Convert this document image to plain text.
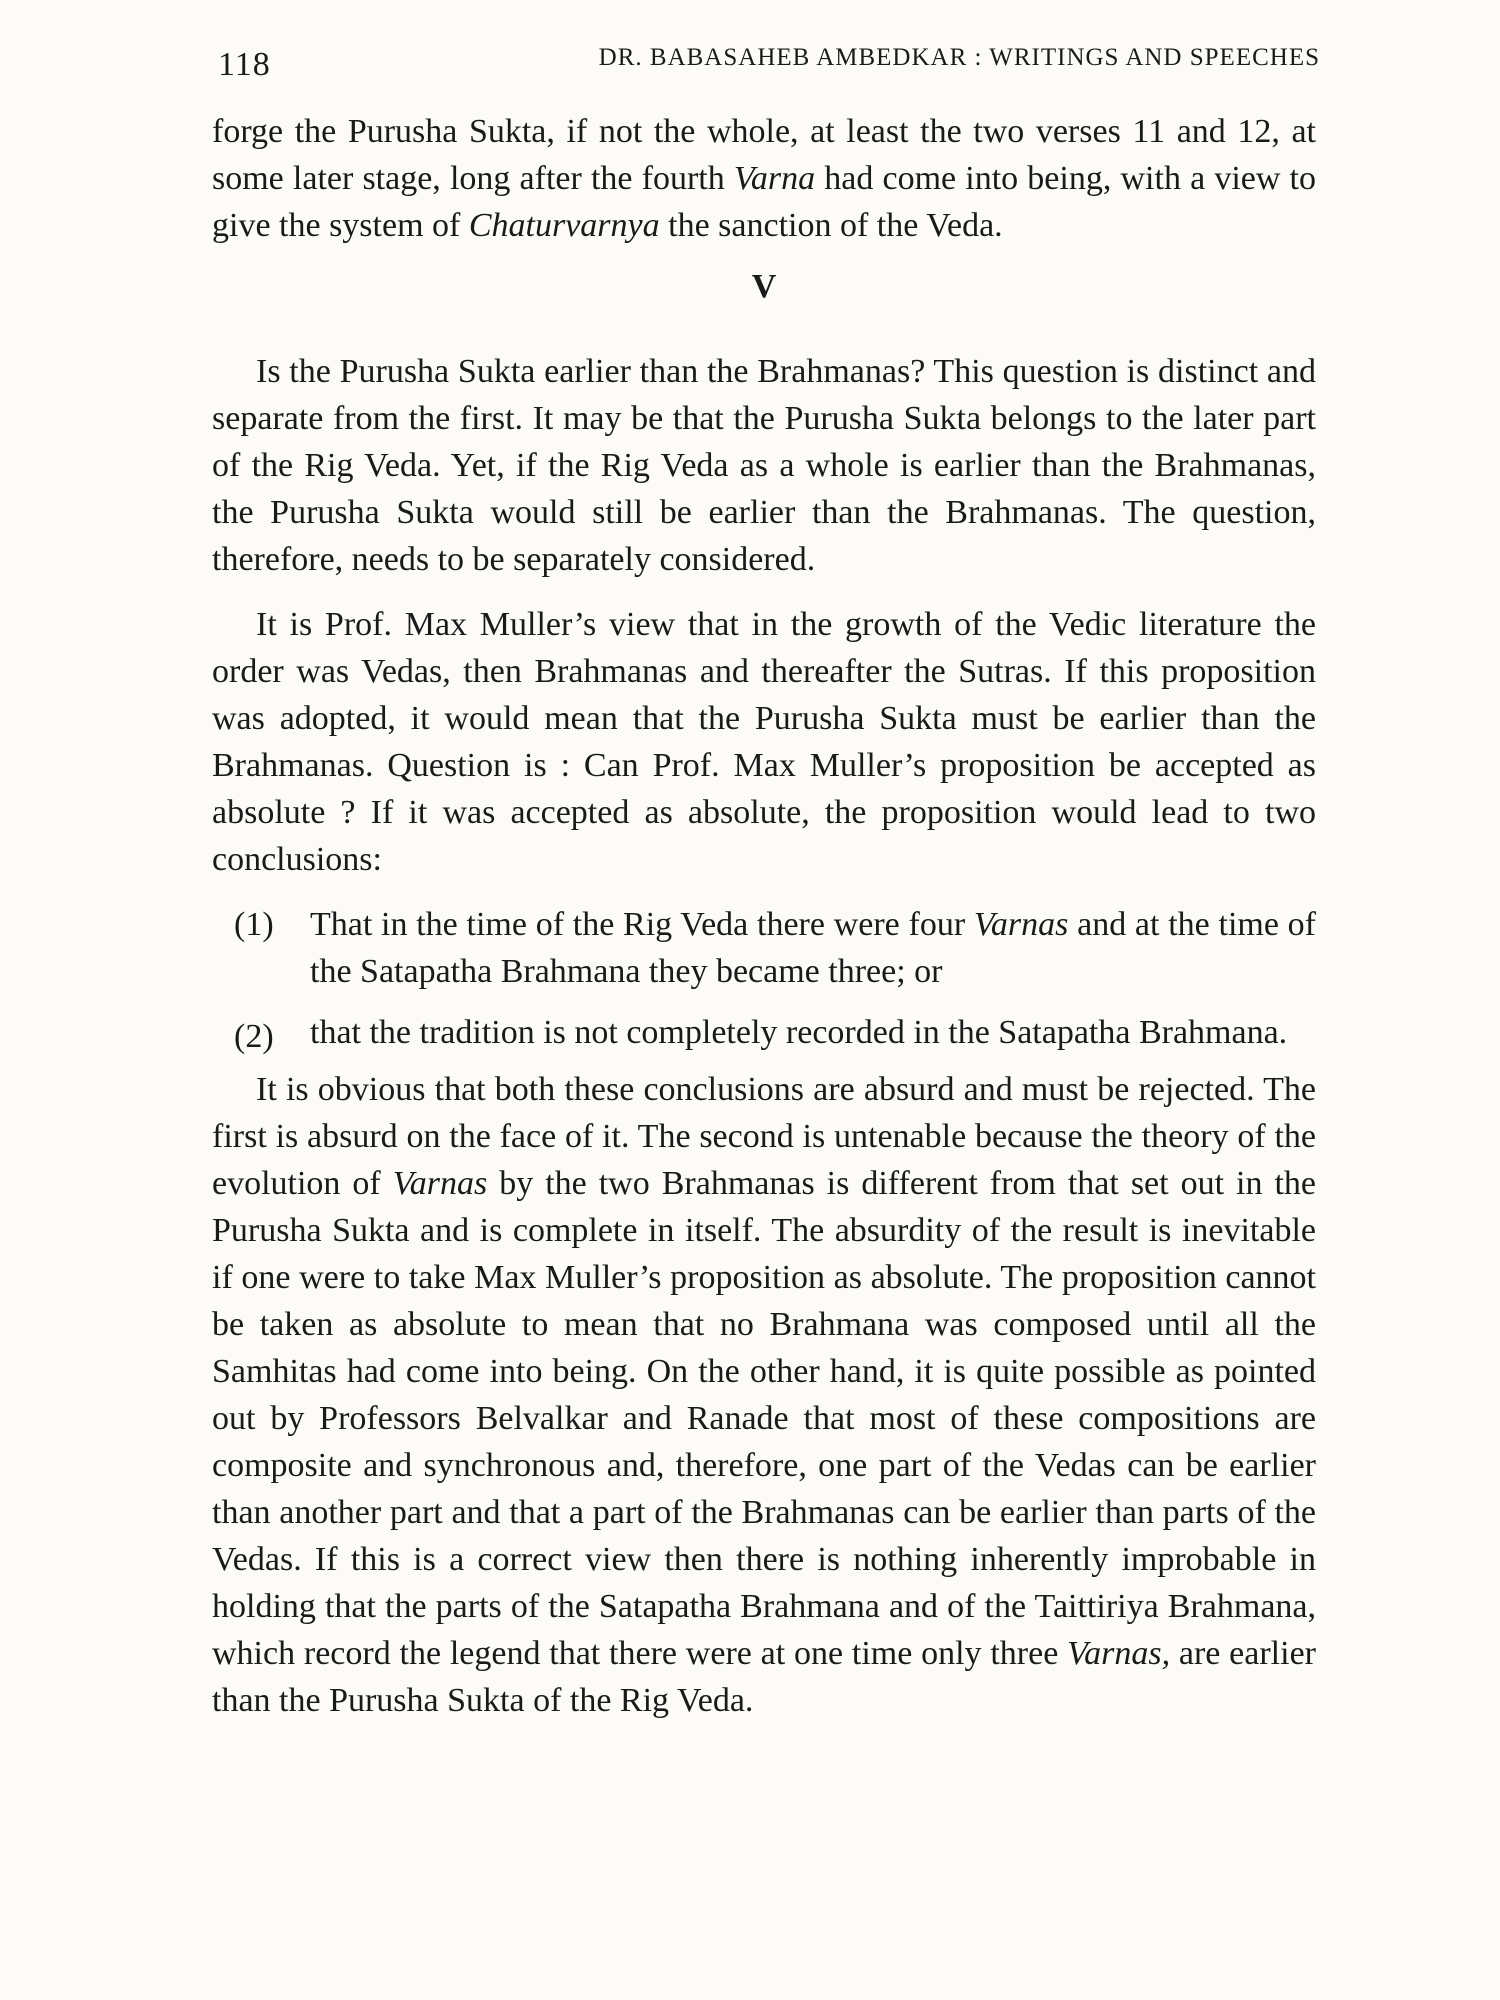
118	DR. BABASAHEB AMBEDKAR : WRITINGS AND SPEECHES

forge the Purusha Sukta, if not the whole, at least the two verses 11 and 12, at some later stage, long after the fourth Varna had come into being, with a view to give the system of Chaturvarnya the sanction of the Veda.

V

Is the Purusha Sukta earlier than the Brahmanas? This question is distinct and separate from the first. It may be that the Purusha Sukta belongs to the later part of the Rig Veda. Yet, if the Rig Veda as a whole is earlier than the Brahmanas, the Purusha Sukta would still be earlier than the Brahmanas. The question, therefore, needs to be separately considered.

It is Prof. Max Muller’s view that in the growth of the Vedic literature the order was Vedas, then Brahmanas and thereafter the Sutras. If this proposition was adopted, it would mean that the Purusha Sukta must be earlier than the Brahmanas. Question is : Can Prof. Max Muller’s proposition be accepted as absolute ? If it was accepted as absolute, the proposition would lead to two conclusions:

(1)	That in the time of the Rig Veda there were four Varnas and at the time of the Satapatha Brahmana they became three; or
(2)	that the tradition is not completely recorded in the Satapatha Brahmana.

It is obvious that both these conclusions are absurd and must be rejected. The first is absurd on the face of it. The second is untenable because the theory of the evolution of Varnas by the two Brahmanas is different from that set out in the Purusha Sukta and is complete in itself. The absurdity of the result is inevitable if one were to take Max Muller’s proposition as absolute. The proposition cannot be taken as absolute to mean that no Brahmana was composed until all the Samhitas had come into being. On the other hand, it is quite possible as pointed out by Professors Belvalkar and Ranade that most of these compositions are composite and synchronous and, therefore, one part of the Vedas can be earlier than another part and that a part of the Brahmanas can be earlier than parts of the Vedas. If this is a correct view then there is nothing inherently improbable in holding that the parts of the Satapatha Brahmana and of the Taittiriya Brahmana, which record the legend that there were at one time only three Varnas, are earlier than the Purusha Sukta of the Rig Veda.
